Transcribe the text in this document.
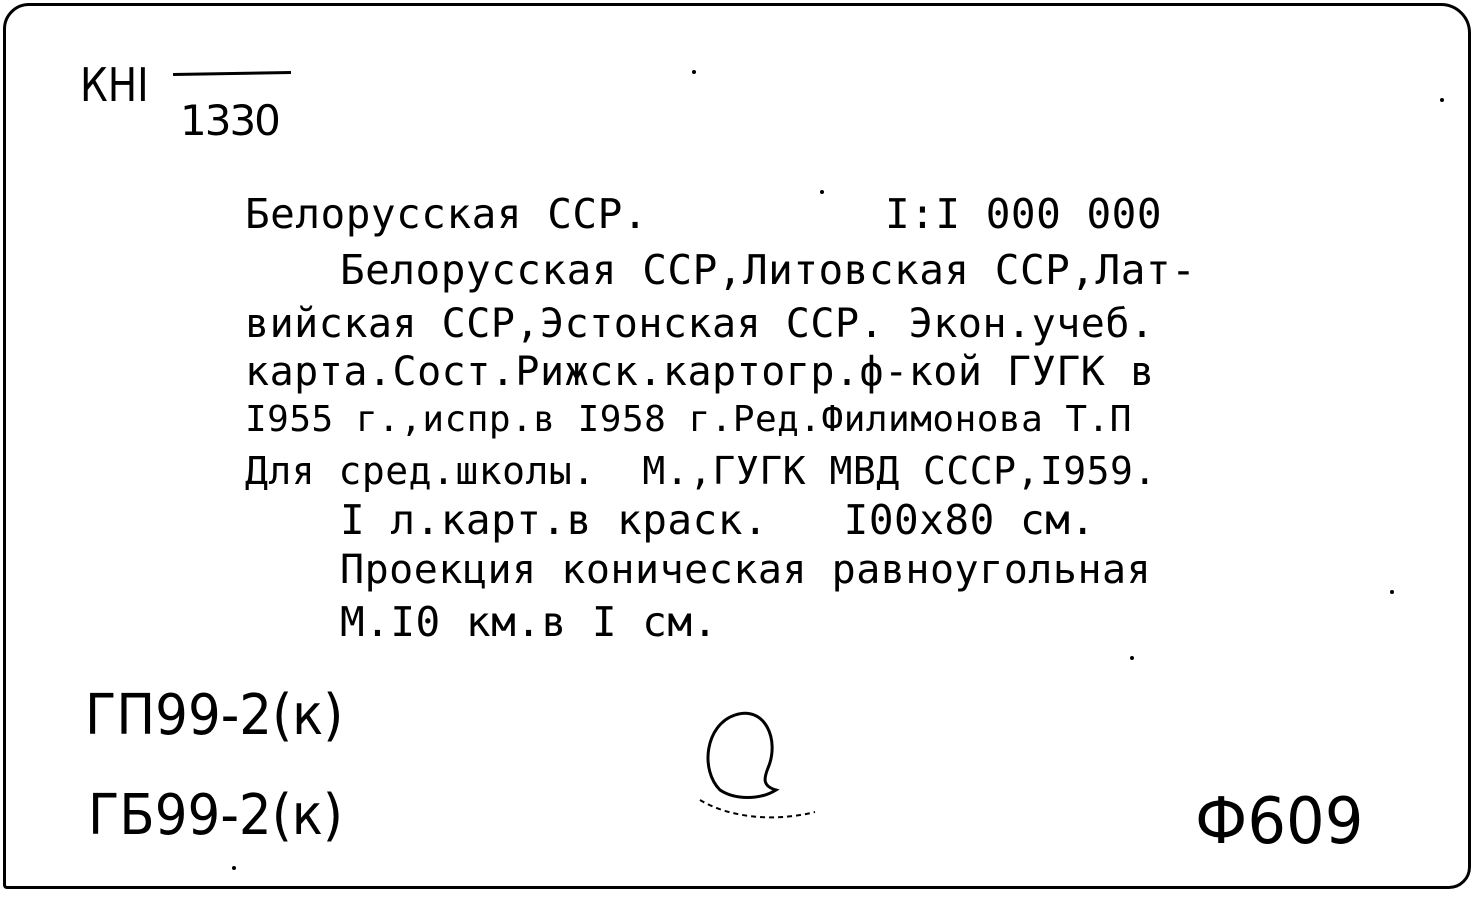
КНI
1330
Белорусская ССР.	I:I 000 000
Белорусская ССР,Литовская ССР,Лат-
вийская ССР,Эстонская ССР. Экон.учеб.
карта.Сост.Рижск.картогр.ф-кой ГУГК в
I955 г.,испр.в I958 г.Ред.Филимонова Т.П
Для сред.школы.  М.,ГУГК МВД СССР,I959.
I л.карт.в краск.   I00x80 см.
Проекция коническая равноугольная
М.I0 км.в I см.
ГП99-2(к)
ГБ99-2(к)	Ф609
